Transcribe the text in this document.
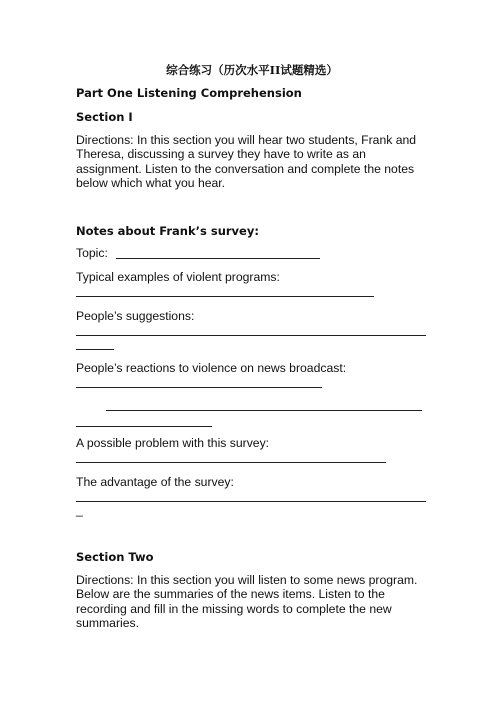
综合练习（历次水平II试题精选）
Part One Listening Comprehension
Section I
Directions: In this section you will hear two students, Frank and Theresa, discussing a survey they have to write as an assignment. Listen to the conversation and complete the notes below which what you hear.
Notes about Frank’s survey:
Topic:
Typical examples of violent programs:
People’s suggestions:
People’s reactions to violence on news broadcast:
A possible problem with this survey:
The advantage of the survey:
_
Section Two
Directions: In this section you will listen to some news program. Below are the summaries of the news items. Listen to the recording and fill in the missing words to complete the new summaries.
